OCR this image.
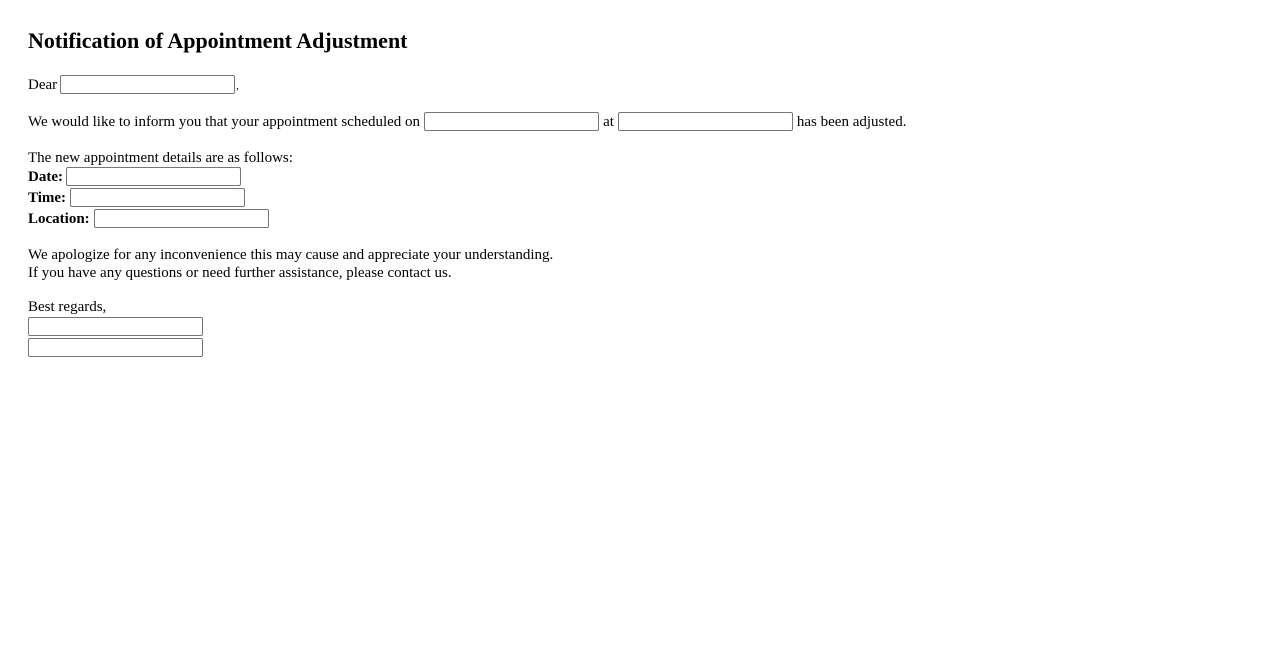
Notification of Appointment Adjustment
Dear	,
We would like to inform you that your appointment scheduled on	at	has been adjusted.
The new appointment details are as follows:
Date:
Time:
Location:
We apologize for any inconvenience this may cause and appreciate your understanding.
If you have any questions or need further assistance, please contact us.
Best regards,
